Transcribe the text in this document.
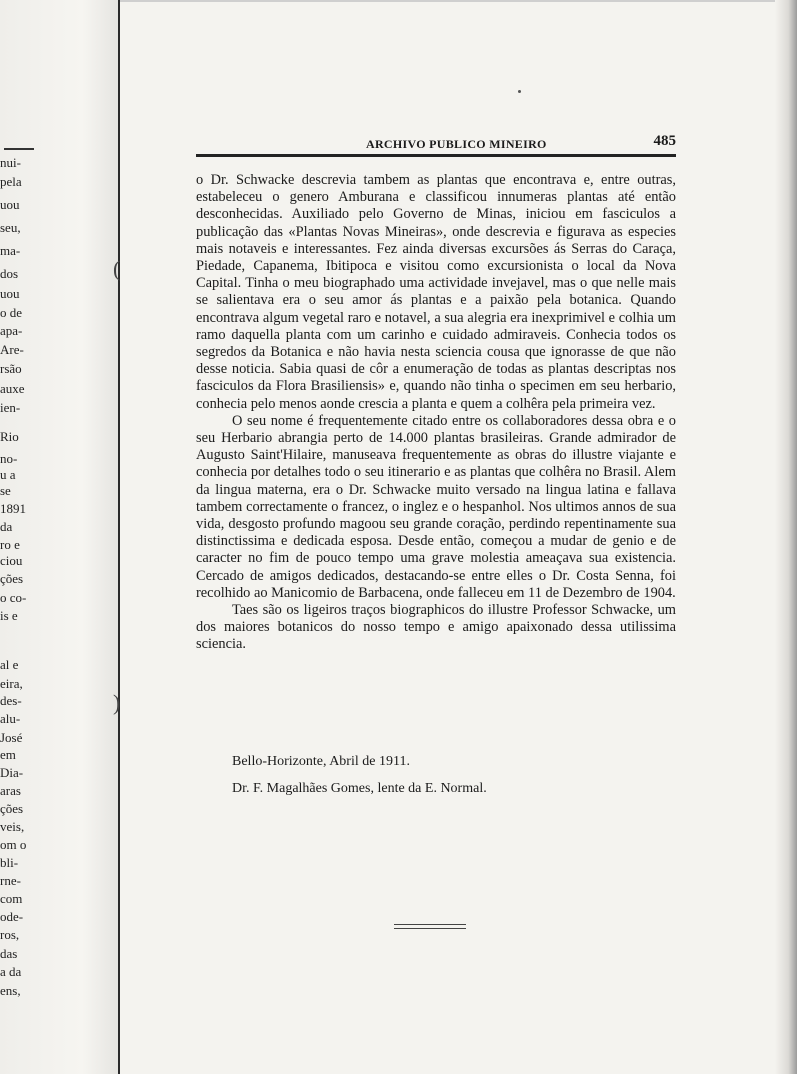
nui-
pela
uou
seu,
ma-
dos
uou
o de
apa-
Are-
rsão
auxe
ien-
Rio
no-
u a
se
1891
da
ro e
ciou
ções
o co-
is e
al e
eira,
des-
alu-
José
em
Dia-
aras
ções
veis,
om o
bli-
rne-
com
ode-
ros,
das
a da
ens,
(
)
ARCHIVO PUBLICO MINEIRO	485

o Dr. Schwacke descrevia tambem as plantas que encontrava e, entre outras, estabeleceu o genero Amburana e classificou innumeras plantas até então desconhecidas. Auxiliado pelo Governo de Minas, iniciou em fasciculos a publicação das «Plantas Novas Mineiras», onde descrevia e figurava as especies mais notaveis e interessantes. Fez ainda diversas excursões ás Serras do Caraça, Piedade, Capanema, Ibitipoca e visitou como excursionista o local da Nova Capital. Tinha o meu biographado uma actividade invejavel, mas o que nelle mais se salientava era o seu amor ás plantas e a paixão pela botanica. Quando encontrava algum vegetal raro e notavel, a sua alegria era inexprimivel e colhia um ramo daquella planta com um carinho e cuidado admiraveis. Conhecia todos os segredos da Botanica e não havia nesta sciencia cousa que ignorasse de que não desse noticia. Sabia quasi de côr a enumeração de todas as plantas descriptas nos fasciculos da Flora Brasiliensis» e, quando não tinha o specimen em seu herbario, conhecia pelo menos aonde crescia a planta e quem a colhêra pela primeira vez.

O seu nome é frequentemente citado entre os collaboradores dessa obra e o seu Herbario abrangia perto de 14.000 plantas brasileiras. Grande admirador de Augusto Saint'Hilaire, manuseava frequentemente as obras do illustre viajante e conhecia por detalhes todo o seu itinerario e as plantas que colhêra no Brasil. Alem da lingua materna, era o Dr. Schwacke muito versado na lingua latina e fallava tambem correctamente o francez, o inglez e o hespanhol. Nos ultimos annos de sua vida, desgosto profundo magoou seu grande coração, perdindo repentinamente sua distinctissima e dedicada esposa. Desde então, começou a mudar de genio e de caracter no fim de pouco tempo uma grave molestia ameaçava sua existencia. Cercado de amigos dedicados, destacando-se entre elles o Dr. Costa Senna, foi recolhido ao Manicomio de Barbacena, onde falleceu em 11 de Dezembro de 1904.

Taes são os ligeiros traços biographicos do illustre Professor Schwacke, um dos maiores botanicos do nosso tempo e amigo apaixonado dessa utilissima sciencia.

Bello-Horizonte, Abril de 1911.
Dr. F. Magalhães Gomes, lente da E. Normal.
